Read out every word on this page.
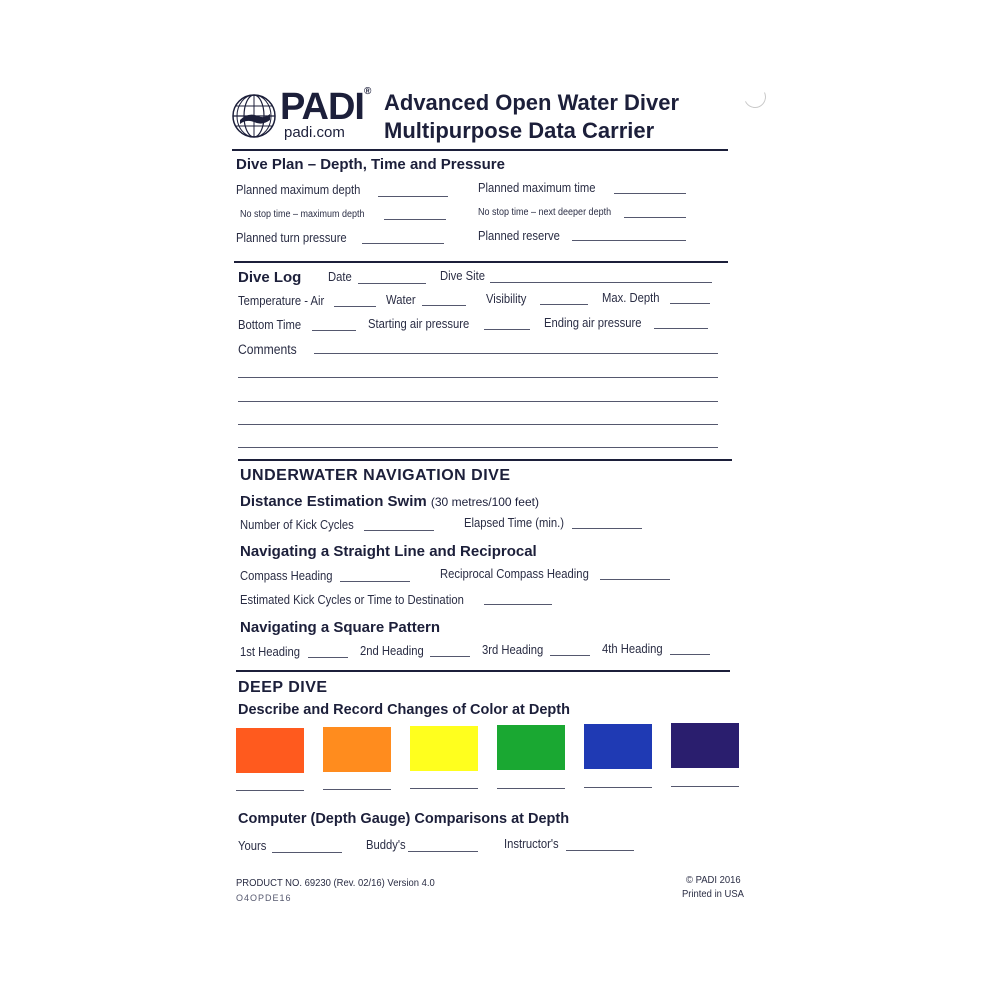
PADI®
padi.com
Advanced Open Water Diver
Multipurpose Data Carrier
Dive Plan – Depth, Time and Pressure
Planned maximum depth	Planned maximum time
No stop time – maximum depth	No stop time – next deeper depth
Planned turn pressure	Planned reserve
Dive Log Date	Dive Site
Temperature - Air	Water	Visibility	Max. Depth
Bottom Time	Starting air pressure	Ending air pressure
Comments
UNDERWATER NAVIGATION DIVE
Distance Estimation Swim (30 metres/100 feet)
Number of Kick Cycles	Elapsed Time (min.)
Navigating a Straight Line and Reciprocal
Compass Heading	Reciprocal Compass Heading
Estimated Kick Cycles or Time to Destination
Navigating a Square Pattern
1st Heading	2nd Heading	3rd Heading	4th Heading
DEEP DIVE
Describe and Record Changes of Color at Depth
Computer (Depth Gauge) Comparisons at Depth
Yours	Buddy's	Instructor's
PRODUCT NO. 69230 (Rev. 02/16) Version 4.0
O4OPDE16
© PADI 2016
Printed in USA
